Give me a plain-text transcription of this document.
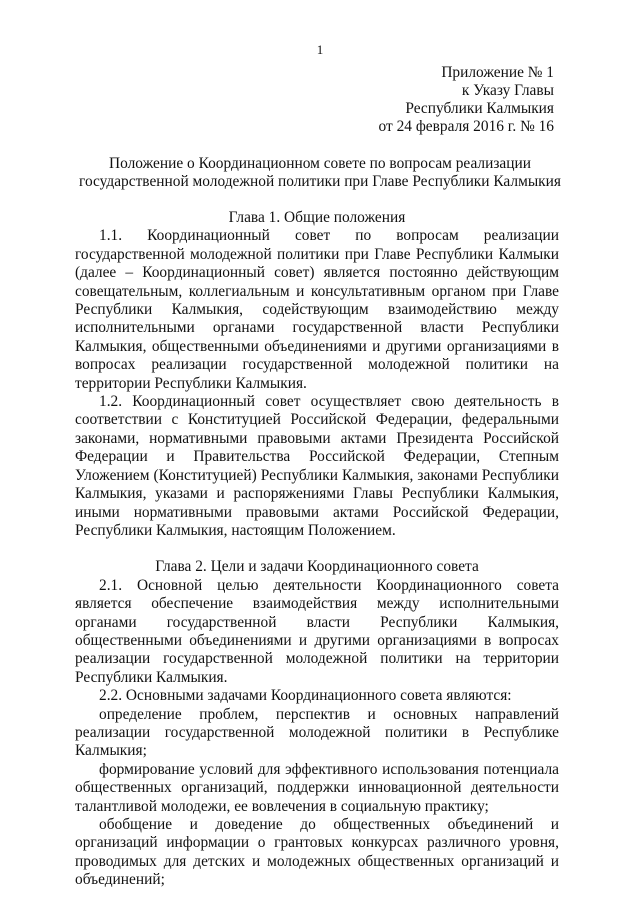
1
Приложение № 1
к Указу Главы
Республики Калмыкия
от 24 февраля 2016 г. № 16
Положение о Координационном совете по вопросам реализации
государственной молодежной политики при Главе Республики Калмыкия
Глава 1. Общие положения

1.1. Координационный совет по вопросам реализации государственной молодежной политики при Главе Республики Калмыки (далее – Координационный совет) является постоянно действующим совещательным, коллегиальным и консультативным органом при Главе Республики Калмыкия, содействующим взаимодействию между исполнительными органами государственной власти Республики Калмыкия, общественными объединениями и другими организациями в вопросах реализации государственной молодежной политики на территории Республики Калмыкия.

1.2. Координационный совет осуществляет свою деятельность в соответствии с Конституцией Российской Федерации, федеральными законами, нормативными правовыми актами Президента Российской Федерации и Правительства Российской Федерации, Степным Уложением (Конституцией) Республики Калмыкия, законами Республики Калмыкия, указами и распоряжениями Главы Республики Калмыкия, иными нормативными правовыми актами Российской Федерации, Республики Калмыкия, настоящим Положением.

Глава 2. Цели и задачи Координационного совета

2.1. Основной целью деятельности Координационного совета является обеспечение взаимодействия между исполнительными органами государственной власти Республики Калмыкия, общественными объединениями и другими организациями в вопросах реализации государственной молодежной политики на территории Республики Калмыкия.

2.2. Основными задачами Координационного совета являются:

определение проблем, перспектив и основных направлений реализации государственной молодежной политики в Республике Калмыкия;

формирование условий для эффективного использования потенциала общественных организаций, поддержки инновационной деятельности талантливой молодежи, ее вовлечения в социальную практику;

обобщение и доведение до общественных объединений и организаций информации о грантовых конкурсах различного уровня, проводимых для детских и молодежных общественных организаций и объединений;
